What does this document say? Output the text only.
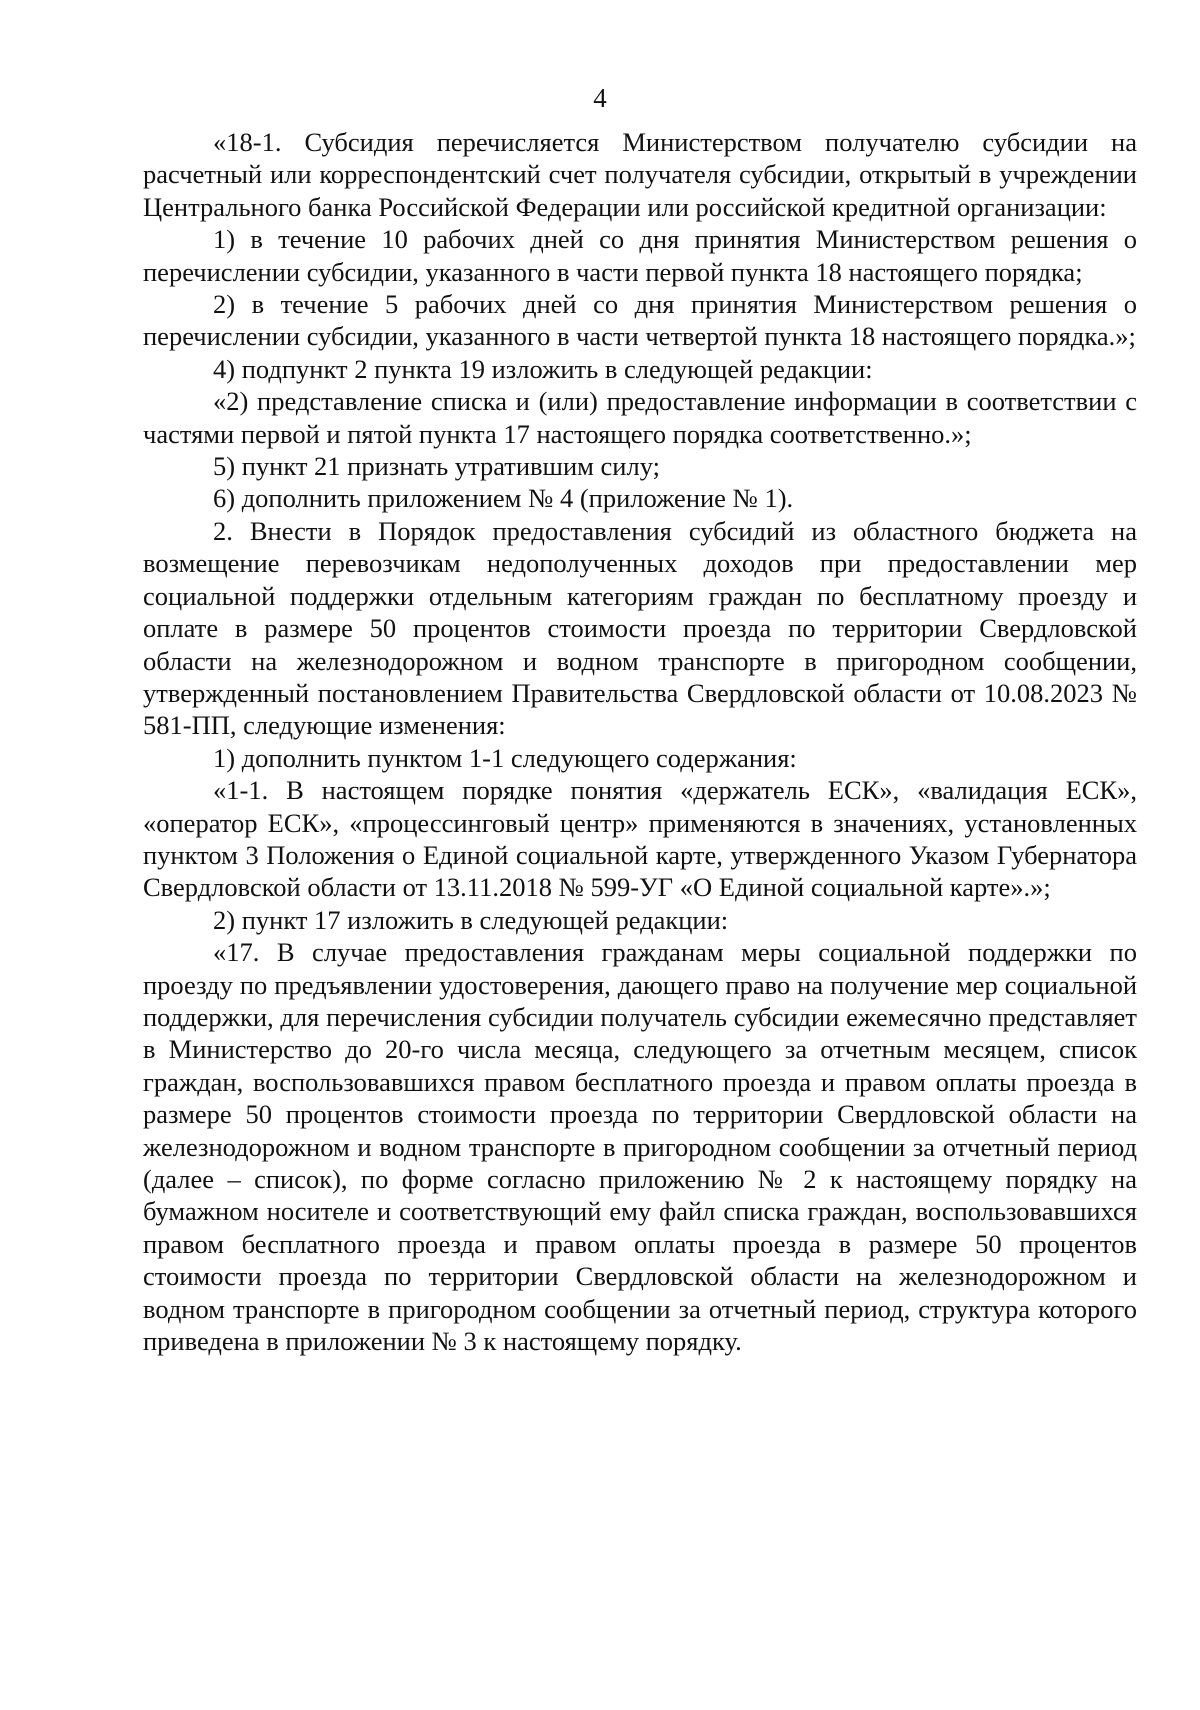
4

«18-1. Субсидия перечисляется Министерством получателю субсидии на расчетный или корреспондентский счет получателя субсидии, открытый в учреждении Центрального банка Российской Федерации или российской кредитной организации:

1) в течение 10 рабочих дней со дня принятия Министерством решения о перечислении субсидии, указанного в части первой пункта 18 настоящего порядка;

2) в течение 5 рабочих дней со дня принятия Министерством решения о перечислении субсидии, указанного в части четвертой пункта 18 настоящего порядка.»;

4) подпункт 2 пункта 19 изложить в следующей редакции:

«2) представление списка и (или) предоставление информации в соответствии с частями первой и пятой пункта 17 настоящего порядка соответственно.»;

5) пункт 21 признать утратившим силу;

6) дополнить приложением № 4 (приложение № 1).

2. Внести в Порядок предоставления субсидий из областного бюджета на возмещение перевозчикам недополученных доходов при предоставлении мер социальной поддержки отдельным категориям граждан по бесплатному проезду и оплате в размере 50 процентов стоимости проезда по территории Свердловской области на железнодорожном и водном транспорте в пригородном сообщении, утвержденный постановлением Правительства Свердловской области от 10.08.2023 № 581-ПП, следующие изменения:

1) дополнить пунктом 1-1 следующего содержания:

«1-1. В настоящем порядке понятия «держатель ЕСК», «валидация ЕСК», «оператор ЕСК», «процессинговый центр» применяются в значениях, установленных пунктом 3 Положения о Единой социальной карте, утвержденного Указом Губернатора Свердловской области от 13.11.2018 № 599-УГ «О Единой социальной карте».»;

2) пункт 17 изложить в следующей редакции:

«17. В случае предоставления гражданам меры социальной поддержки по проезду по предъявлении удостоверения, дающего право на получение мер социальной поддержки, для перечисления субсидии получатель субсидии ежемесячно представляет в Министерство до 20-го числа месяца, следующего за отчетным месяцем, список граждан, воспользовавшихся правом бесплатного проезда и правом оплаты проезда в размере 50 процентов стоимости проезда по территории Свердловской области на железнодорожном и водном транспорте в пригородном сообщении за отчетный период (далее – список), по форме согласно приложению № 2 к настоящему порядку на бумажном носителе и соответствующий ему файл списка граждан, воспользовавшихся правом бесплатного проезда и правом оплаты проезда в размере 50 процентов стоимости проезда по территории Свердловской области на железнодорожном и водном транспорте в пригородном сообщении за отчетный период, структура которого приведена в приложении № 3 к настоящему порядку.
